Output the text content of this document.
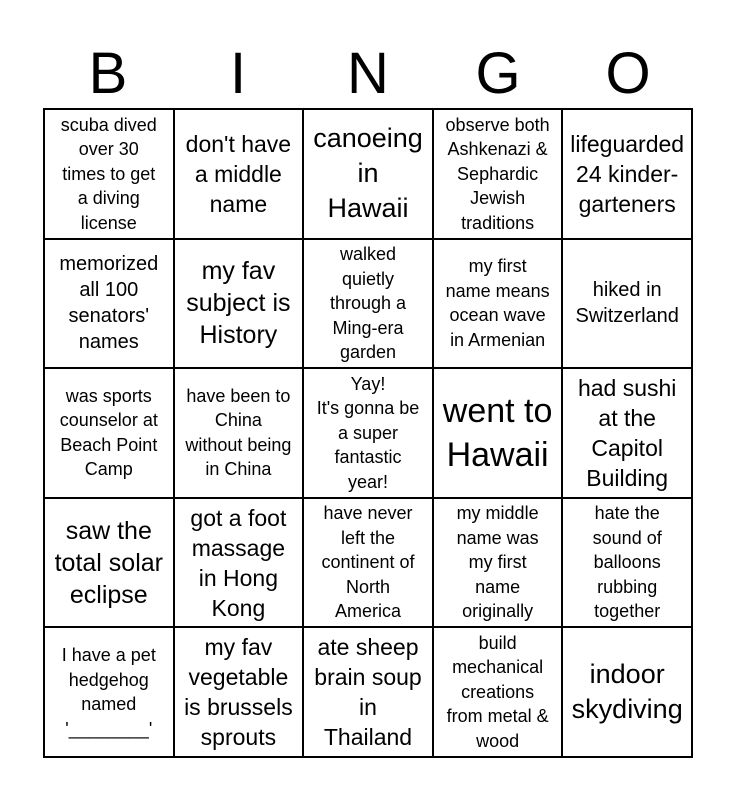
B	I	N	G	O
scuba dived
over 30
times to get
a diving
license
don't have
a middle
name
canoeing
in
Hawaii
observe both
Ashkenazi &
Sephardic
Jewish
traditions
lifeguarded
24 kinder-
garteners
memorized
all 100
senators'
names
my fav
subject is
History
walked
quietly
through a
Ming-era
garden
my first
name means
ocean wave
in Armenian
hiked in
Switzerland
was sports
counselor at
Beach Point
Camp
have been to
China
without being
in China
Yay!
It's gonna be
a super
fantastic
year!
went to
Hawaii
had sushi
at the
Capitol
Building
saw the
total solar
eclipse
got a foot
massage
in Hong
Kong
have never
left the
continent of
North
America
my middle
name was
my first
name
originally
hate the
sound of
balloons
rubbing
together
I have a pet
hedgehog
named
'________'
my fav
vegetable
is brussels
sprouts
ate sheep
brain soup
in
Thailand
build
mechanical
creations
from metal &
wood
indoor
skydiving
